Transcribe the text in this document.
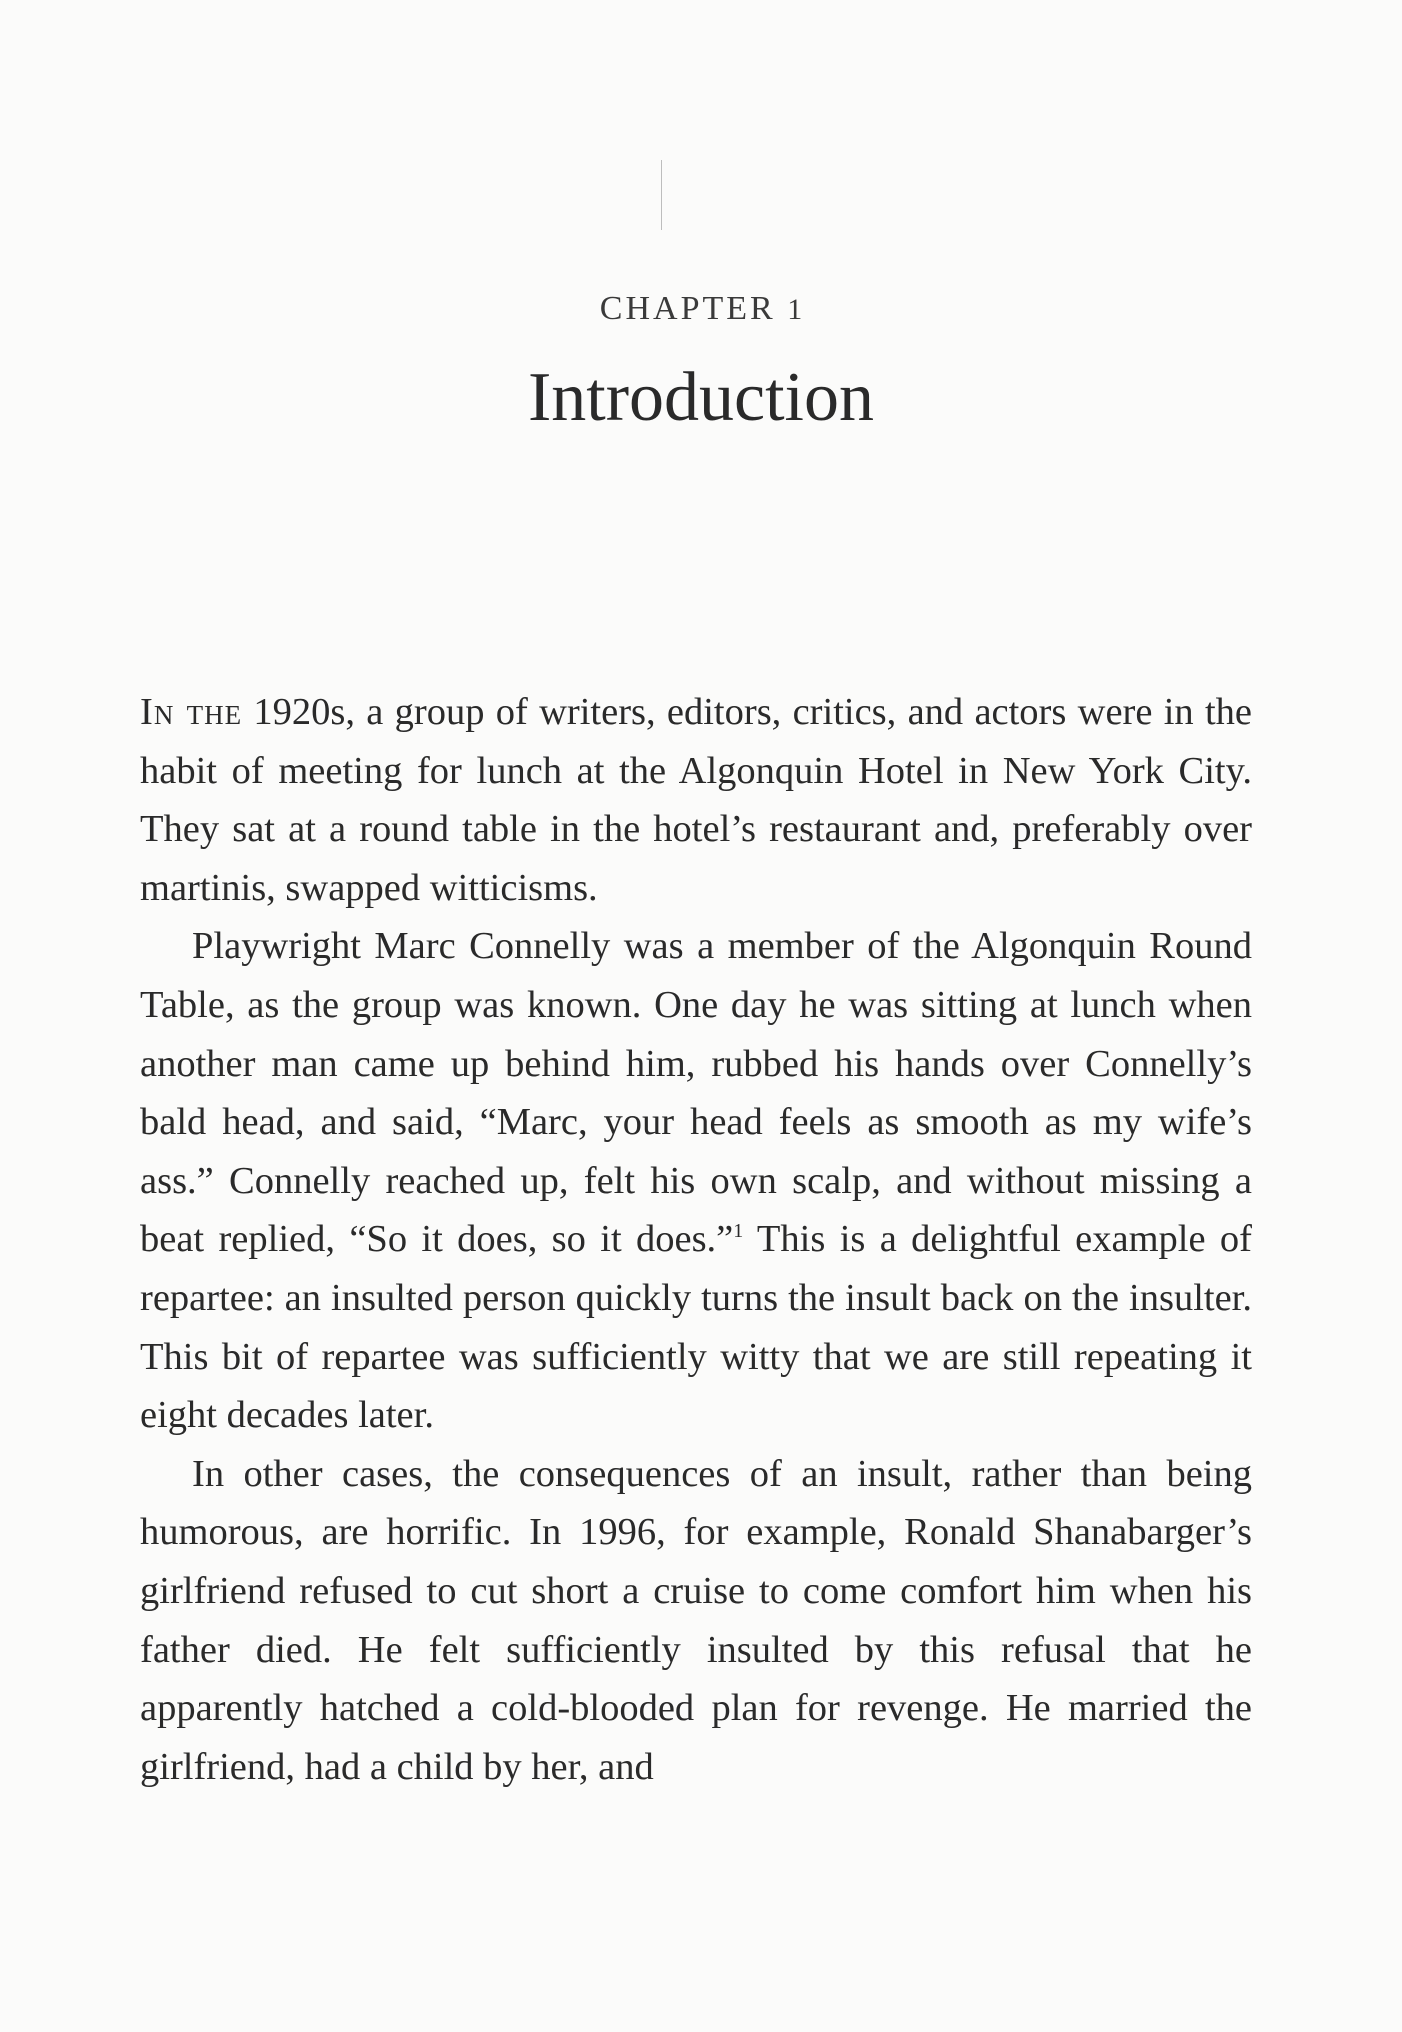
CHAPTER 1
Introduction

In the 1920s, a group of writers, editors, critics, and actors were in the habit of meeting for lunch at the Algonquin Hotel in New York City. They sat at a round table in the hotel’s restaurant and, preferably over martinis, swapped witticisms.

Playwright Marc Connelly was a member of the Algonquin Round Table, as the group was known. One day he was sitting at lunch when another man came up behind him, rubbed his hands over Connelly’s bald head, and said, “Marc, your head feels as smooth as my wife’s ass.” Connelly reached up, felt his own scalp, and without missing a beat replied, “So it does, so it does.”$^1$ This is a delightful example of repartee: an insulted person quickly turns the insult back on the insulter. This bit of repartee was sufficiently witty that we are still repeating it eight decades later.

In other cases, the consequences of an insult, rather than being humorous, are horrific. In 1996, for example, Ronald Shanabarger’s girlfriend refused to cut short a cruise to come comfort him when his father died. He felt sufficiently insulted by this refusal that he apparently hatched a cold-blooded plan for revenge. He married the girlfriend, had a child by her, and
